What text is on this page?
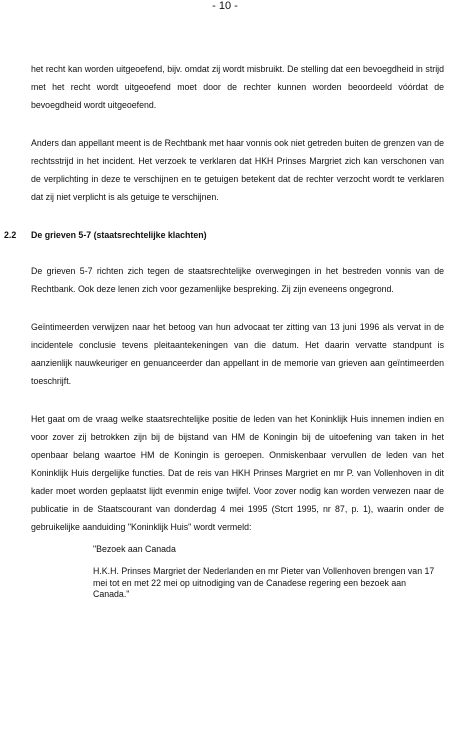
- 10 -

het recht kan worden uitgeoefend, bijv. omdat zij wordt misbruikt. De stelling dat een bevoegdheid in strijd met het recht wordt uitgeoefend moet door de rechter kunnen worden beoordeeld vóórdat de bevoegdheid wordt uitgeoefend.

Anders dan appellant meent is de Rechtbank met haar vonnis ook niet getreden buiten de grenzen van de rechtsstrijd in het incident. Het verzoek te verklaren dat HKH Prinses Margriet zich kan verschonen van de verplichting in deze te verschijnen en te getuigen betekent dat de rechter verzocht wordt te verklaren dat zij niet verplicht is als getuige te verschijnen.

2.2 De grieven 5-7 (staatsrechtelijke klachten)

De grieven 5-7 richten zich tegen de staatsrechtelijke overwegingen in het bestreden vonnis van de Rechtbank. Ook deze lenen zich voor gezamenlijke bespreking. Zij zijn eveneens ongegrond.

Geïntimeerden verwijzen naar het betoog van hun advocaat ter zitting van 13 juni 1996 als vervat in de incidentele conclusie tevens pleitaantekeningen van die datum. Het daarin vervatte standpunt is aanzienlijk nauwkeuriger en genuanceerder dan appellant in de memorie van grieven aan geïntimeerden toeschrijft.

Het gaat om de vraag welke staatsrechtelijke positie de leden van het Koninklijk Huis innemen indien en voor zover zij betrokken zijn bij de bijstand van HM de Koningin bij de uitoefening van taken in het openbaar belang waartoe HM de Koningin is geroepen. Onmiskenbaar vervullen de leden van het Koninklijk Huis dergelijke functies. Dat de reis van HKH Prinses Margriet en mr P. van Vollenhoven in dit kader moet worden geplaatst lijdt evenmin enige twijfel. Voor zover nodig kan worden verwezen naar de publicatie in de Staatscourant van donderdag 4 mei 1995 (Stcrt 1995, nr 87, p. 1), waarin onder de gebruikelijke aanduiding "Koninklijk Huis" wordt vermeld:

"Bezoek aan Canada
H.K.H. Prinses Margriet der Nederlanden en mr Pieter van Vollenhoven brengen van 17 mei tot en met 22 mei op uitnodiging van de Canadese regering een bezoek aan Canada."
